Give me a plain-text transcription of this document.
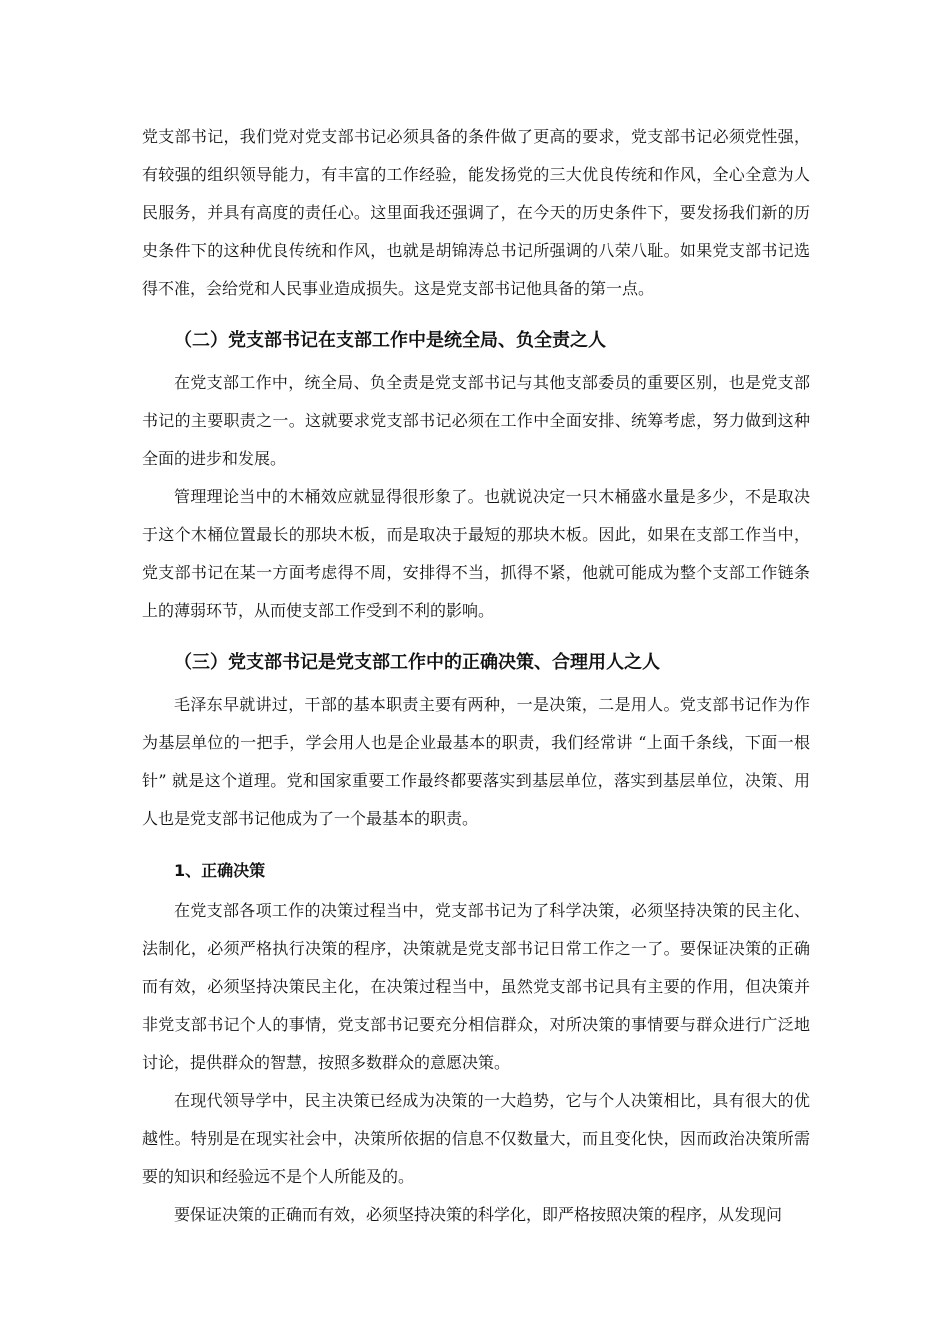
党支部书记，我们党对党支部书记必须具备的条件做了更高的要求，党支部书记必须党性强，有较强的组织领导能力，有丰富的工作经验，能发扬党的三大优良传统和作风，全心全意为人民服务，并具有高度的责任心。这里面我还强调了，在今天的历史条件下，要发扬我们新的历史条件下的这种优良传统和作风，也就是胡锦涛总书记所强调的八荣八耻。如果党支部书记选得不准，会给党和人民事业造成损失。这是党支部书记他具备的第一点。

（二）党支部书记在支部工作中是统全局、负全责之人

在党支部工作中，统全局、负全责是党支部书记与其他支部委员的重要区别，也是党支部书记的主要职责之一。这就要求党支部书记必须在工作中全面安排、统筹考虑，努力做到这种全面的进步和发展。

管理理论当中的木桶效应就显得很形象了。也就说决定一只木桶盛水量是多少，不是取决于这个木桶位置最长的那块木板，而是取决于最短的那块木板。因此，如果在支部工作当中，党支部书记在某一方面考虑得不周，安排得不当，抓得不紧，他就可能成为整个支部工作链条上的薄弱环节，从而使支部工作受到不利的影响。

（三）党支部书记是党支部工作中的正确决策、合理用人之人

毛泽东早就讲过，干部的基本职责主要有两种，一是决策，二是用人。党支部书记作为作为基层单位的一把手，学会用人也是企业最基本的职责，我们经常讲 “上面千条线，下面一根针” 就是这个道理。党和国家重要工作最终都要落实到基层单位，落实到基层单位，决策、用人也是党支部书记他成为了一个最基本的职责。

1、正确决策

在党支部各项工作的决策过程当中，党支部书记为了科学决策，必须坚持决策的民主化、法制化，必须严格执行决策的程序，决策就是党支部书记日常工作之一了。要保证决策的正确而有效，必须坚持决策民主化，在决策过程当中，虽然党支部书记具有主要的作用，但决策并非党支部书记个人的事情，党支部书记要充分相信群众，对所决策的事情要与群众进行广泛地讨论，提供群众的智慧，按照多数群众的意愿决策。

在现代领导学中，民主决策已经成为决策的一大趋势，它与个人决策相比，具有很大的优越性。特别是在现实社会中，决策所依据的信息不仅数量大，而且变化快，因而政治决策所需要的知识和经验远不是个人所能及的。

要保证决策的正确而有效，必须坚持决策的科学化，即严格按照决策的程序，从发现问
